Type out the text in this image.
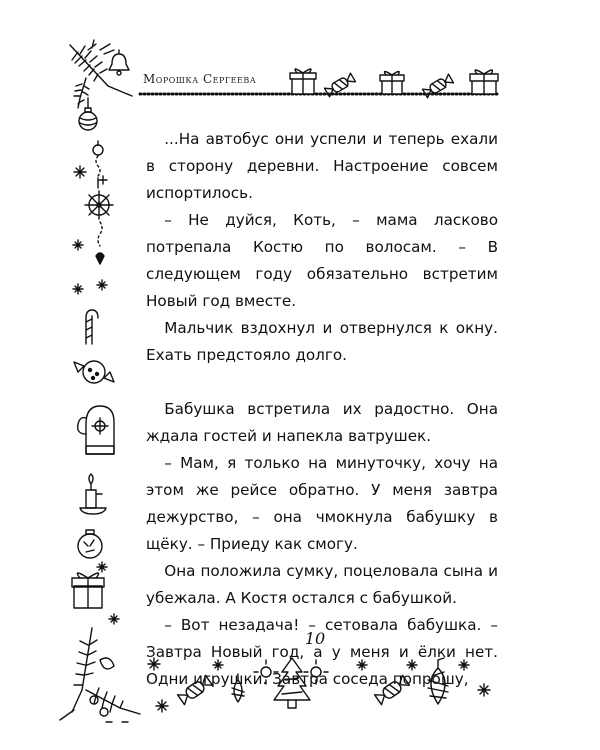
Морошка Сергеева

...На автобус они успели и теперь ехали в сторону деревни. Настроение совсем испортилось.

– Не дуйся, Коть, – мама ласково потрепала Костю по волосам. – В следующем году обязательно встретим Новый год вместе.

Мальчик вздохнул и отвернулся к окну. Ехать предстояло долго.

Бабушка встретила их радостно. Она ждала гостей и напекла ватрушек.

– Мам, я только на минуточку, хочу на этом же рейсе обратно. У меня завтра дежурство, – она чмокнула бабушку в щёку. – Приеду как смогу.

Она положила сумку, поцеловала сына и убежала. А Костя остался с бабушкой.

– Вот незадача! – сетовала бабушка. – Завтра Новый год, а у меня и ёлки нет. Одни игрушки. Завтра соседа попрошу,

10
